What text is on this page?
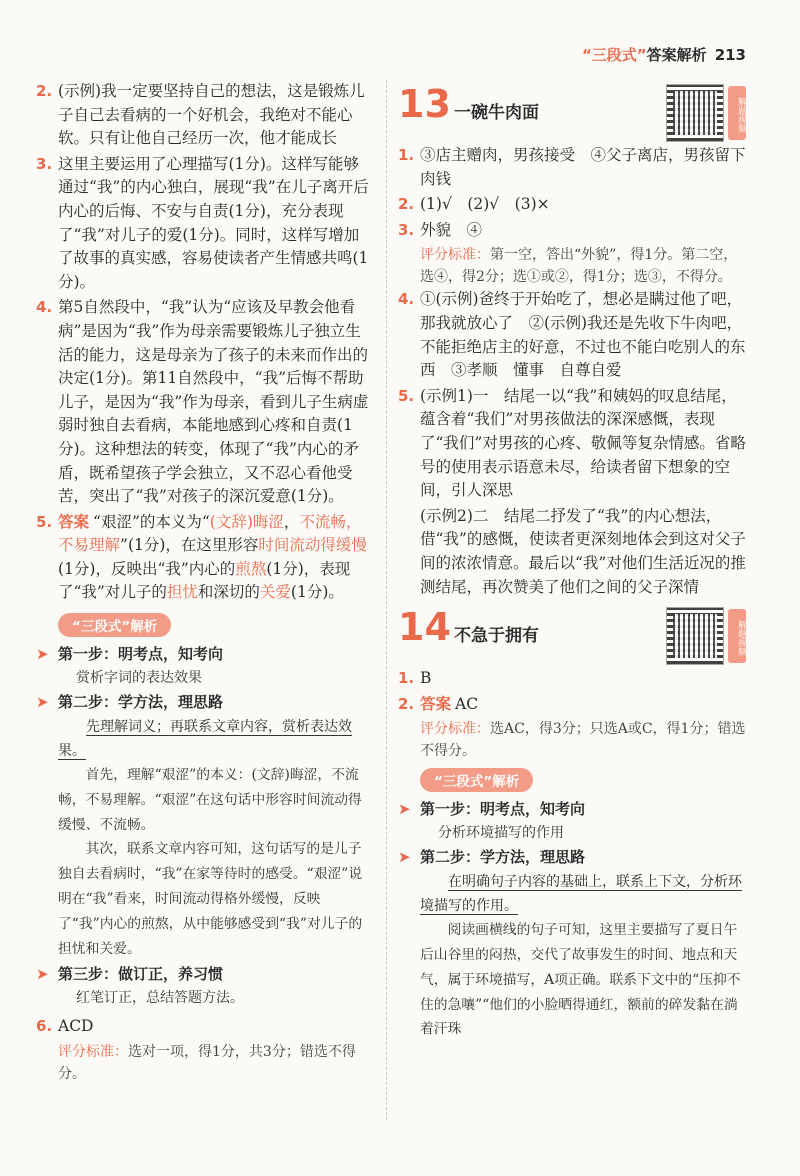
“三段式”答案解析 213
2. (示例)我一定要坚持自己的想法，这是锻炼儿子自己去看病的一个好机会，我绝对不能心软。只有让他自己经历一次，他才能成长
3. 这里主要运用了心理描写(1分)。这样写能够通过“我”的内心独白，展现“我”在儿子离开后内心的后悔、不安与自责(1分)，充分表现了“我”对儿子的爱(1分)。同时，这样写增加了故事的真实感，容易使读者产生情感共鸣(1分)。
4. 第5自然段中，“我”认为“应该及早教会他看病”是因为“我”作为母亲需要锻炼儿子独立生活的能力，这是母亲为了孩子的未来而作出的决定(1分)。第11自然段中，“我”后悔不帮助儿子，是因为“我”作为母亲，看到儿子生病虚弱时独自去看病，本能地感到心疼和自责(1分)。这种想法的转变，体现了“我”内心的矛盾，既希望孩子学会独立，又不忍心看他受苦，突出了“我”对孩子的深沉爱意(1分)。
5. 答案 “艰涩”的本义为“(文辞)晦涩，不流畅，不易理解”(1分)，在这里形容时间流动得缓慢(1分)，反映出“我”内心的煎熬(1分)，表现了“我”对儿子的担忧和深切的关爱(1分)。
“三段式”解析
➤ 第一步：明考点，知考向
赏析字词的表达效果
➤ 第二步：学方法，理思路
先理解词义；再联系文章内容，赏析表达效果。
首先，理解“艰涩”的本义：(文辞)晦涩，不流畅，不易理解。“艰涩”在这句话中形容时间流动得缓慢、不流畅。
其次，联系文章内容可知，这句话写的是儿子独自去看病时，“我”在家等待时的感受。“艰涩”说明在“我”看来，时间流动得格外缓慢，反映了“我”内心的煎熬，从中能够感受到“我”对儿子的担忧和关爱。
➤ 第三步：做订正，养习惯
红笔订正，总结答题方法。
6. ACD
评分标准：选对一项，得1分，共3分；错选不得分。
13 一碗牛肉面	解题视频
1. ③店主赠肉，男孩接受　④父子离店，男孩留下肉钱
2. (1)√　(2)√　(3)×
3. 外貌　④
评分标准：第一空，答出“外貌”，得1分。第二空，选④，得2分；选①或②，得1分；选③，不得分。
4. ①(示例)爸终于开始吃了，想必是瞒过他了吧，那我就放心了　②(示例)我还是先收下牛肉吧，不能拒绝店主的好意，不过也不能白吃别人的东西　③孝顺　懂事　自尊自爱
5. (示例1)一　结尾一以“我”和姨妈的叹息结尾，蕴含着“我们”对男孩做法的深深感慨，表现了“我们”对男孩的心疼、敬佩等复杂情感。省略号的使用表示语意未尽，给读者留下想象的空间，引人深思
(示例2)二　结尾二抒发了“我”的内心想法，借“我”的感慨，使读者更深刻地体会到这对父子间的浓浓情意。最后以“我”对他们生活近况的推测结尾，再次赞美了他们之间的父子深情
14 不急于拥有	解题视频
1. B
2. 答案 AC
评分标准：选AC，得3分；只选A或C，得1分；错选不得分。
“三段式”解析
➤ 第一步：明考点，知考向
分析环境描写的作用
➤ 第二步：学方法，理思路
在明确句子内容的基础上，联系上下文，分析环境描写的作用。
阅读画横线的句子可知，这里主要描写了夏日午后山谷里的闷热，交代了故事发生的时间、地点和天气，属于环境描写，A项正确。联系下文中的“压抑不住的急嚷”“他们的小脸晒得通红，额前的碎发黏在淌着汗珠
